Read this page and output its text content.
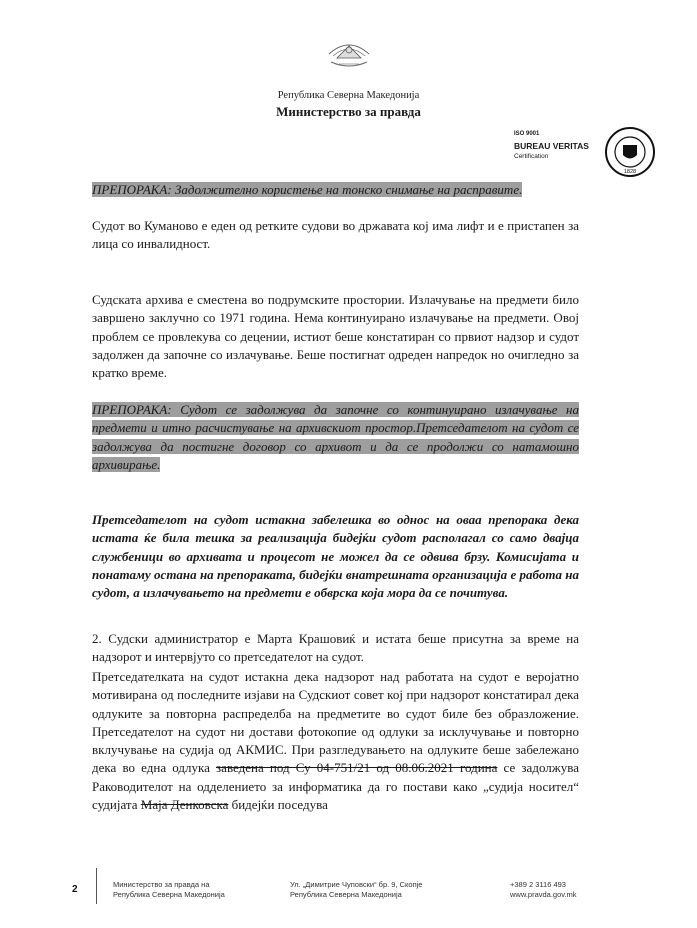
Република Северна Македонија
Министерство за правда
ISO 9001
BUREAU VERITAS
Certification
1828
ПРЕПОРАКА: Задолжително користење на тонско снимање на расправите.
Судот во Куманово е еден од ретките судови во државата кој има лифт и е пристапен за лица со инвалидност.
Судската архива е сместена во подрумските простории. Излачување на предмети било завршено заклучно со 1971 година. Нема континуирано излачување на предмети. Овој проблем се провлекува со децении, истиот беше констатиран со првиот надзор и судот задолжен да започне со излачување. Беше постигнат одреден напредок но очигледно за кратко време.
ПРЕПОРАКА: Судот се задолжува да започне со континуирано излачување на предмети и итно расчистување на архивскиот простор.Претседателот на судот се задолжува да постигне договор со архивот и да се продолжи со натамошно архивирање.
Претседателот на судот истакна забелешка во однос на оваа препорака дека истата ќе била тешка за реализација бидејќи судот располагал со само двајца службеници во архивата и процесот не можел да се одвива брзу. Комисијата и понатаму остана на препораката, бидејќи внатрешната организација е работа на судот, а излачувањето на предмети е обврска која мора да се почитува.
2. Судски администратор е Марта Крашовиќ и истата беше присутна за време на надзорот и интервјуто со претседателот на судот.
Претседателката на судот истакна дека надзорот над работата на судот е веројатно мотивирана од последните изјави на Судскиот совет кој при надзорот констатирал дека одлуките за повторна распределба на предметите во судот биле без образложение. Претседателот на судот ни достави фотокопие од одлуки за исклучување и повторно вклучување на судија од АКМИС. При разгледувањето на одлуките беше забележано дека во една одлука заведена под Су 04-751/21 од 08.06.2021 година се задолжува Раководителот на одделението за информатика да го постави како „судија носител“ судијата Маја Денковска бидејќи поседува
2	Министерство за правда на
Република Северна Македонија
Ул. „Димитрие Чуповски“ бр. 9, Скопје
Република Северна Македонија
+389 2 3116 493
www.pravda.gov.mk
